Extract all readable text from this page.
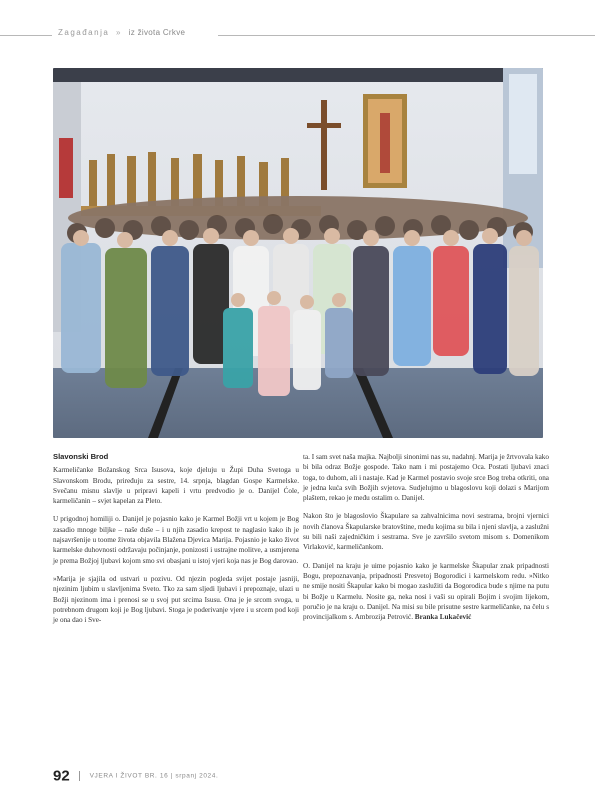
Zagađanja » iz života Crkve
Slavonski Brod

Karmeličanke Božanskog Srca Isusova, koje djeluju u Župi Duha Svetoga u Slavonskom Brodu, priređuju za sestre, 14. srpnja, blagdan Gospe Karmelske. Svečanu misnu slavlje u pripravi kapeli i vrtu predvodio je o. Danijel Ćole, karmeličanin – svjet kapelan za Pleto.

U prigodnoj homiliji o. Danijel je pojasnio kako je Karmel Božji vrt u kojem je Bog zasadio mnoge biljke – naše duše – i u njih zasadio krepost te naglasio kako ih je najsavršenije u toome života objavila Blažena Djevica Marija. Pojasnio je kako život karmelske duhovnosti održavaju počinjanje, ponizosti i ustrajne molitve, a usmjerena je prema Božjoj ljubavi kojom smo svi obasjani u istoj vjeri koja nas je Bog darovao.

»Marija je sjajila od ustvari u pozivu. Od njezin pogleda svijet postaje jasniji, njezinim ljubim u slavljenima Sveto. Tko za sam sljedi ljubavi i prepoznaje, ulazi u Božji njezinom ima i prenosi se u svoj put srcima Isusu. Ona je je srcom svoga, u potrebnom drugom koji je Bog ljubavi. Stoga je poderivanje vjere i u srcem pod koji je ona dao i Sve-

ta. I sam svet naša majka. Najbolji sinonimi nas su, nadahnj. Marija je žrtvovala kako bi bila odraz Božje gospode. Tako nam i mi postajemo Oca. Postati ljubavi znaci toga, to duhom, ali i nastaje. Kad je Karmel postavio svoje srce Bog treba otkriti, ona je jedna kuća svih Božjih svjetova. Sudjelujmo u blagoslovu koji dolazi s Marijom plaštem, rekao je među ostalim o. Danijel.

Nakon što je blagoslovio Škapulare sa zahvalnicima novi sestrama, brojni vjernici novih članova Škapularske bratovštine, među kojima su bila i njeni slavlja, a zaslužni su bili naši zajedničkim i sestrama. Sve je završilo svetom misom s. Domenikom Virlaković, karmeličankom.

O. Danijel na kraju je uime pojasnio kako je karmelske Škapular znak pripadnosti Bogu, prepoznavanja, pripadnosti Presvetoj Bogorodici i karmelskom redu. »Nitko ne smije nositi Škapular kako bi mogao zaslužiti da Bogorodica bude s njime na putu bi Božje u Karmelu. Nosite ga, neka nosi i vaši su opirali Bojim i svojim lijekom, poručio je na kraju o. Danijel. Na misi su bile prisutne sestre karmeličanke, na čelu s provincijalkom s. Ambrozija Petrović. Branka Lukačević

92	VJERA I ŽIVOT BR. 16 | srpanj 2024.
